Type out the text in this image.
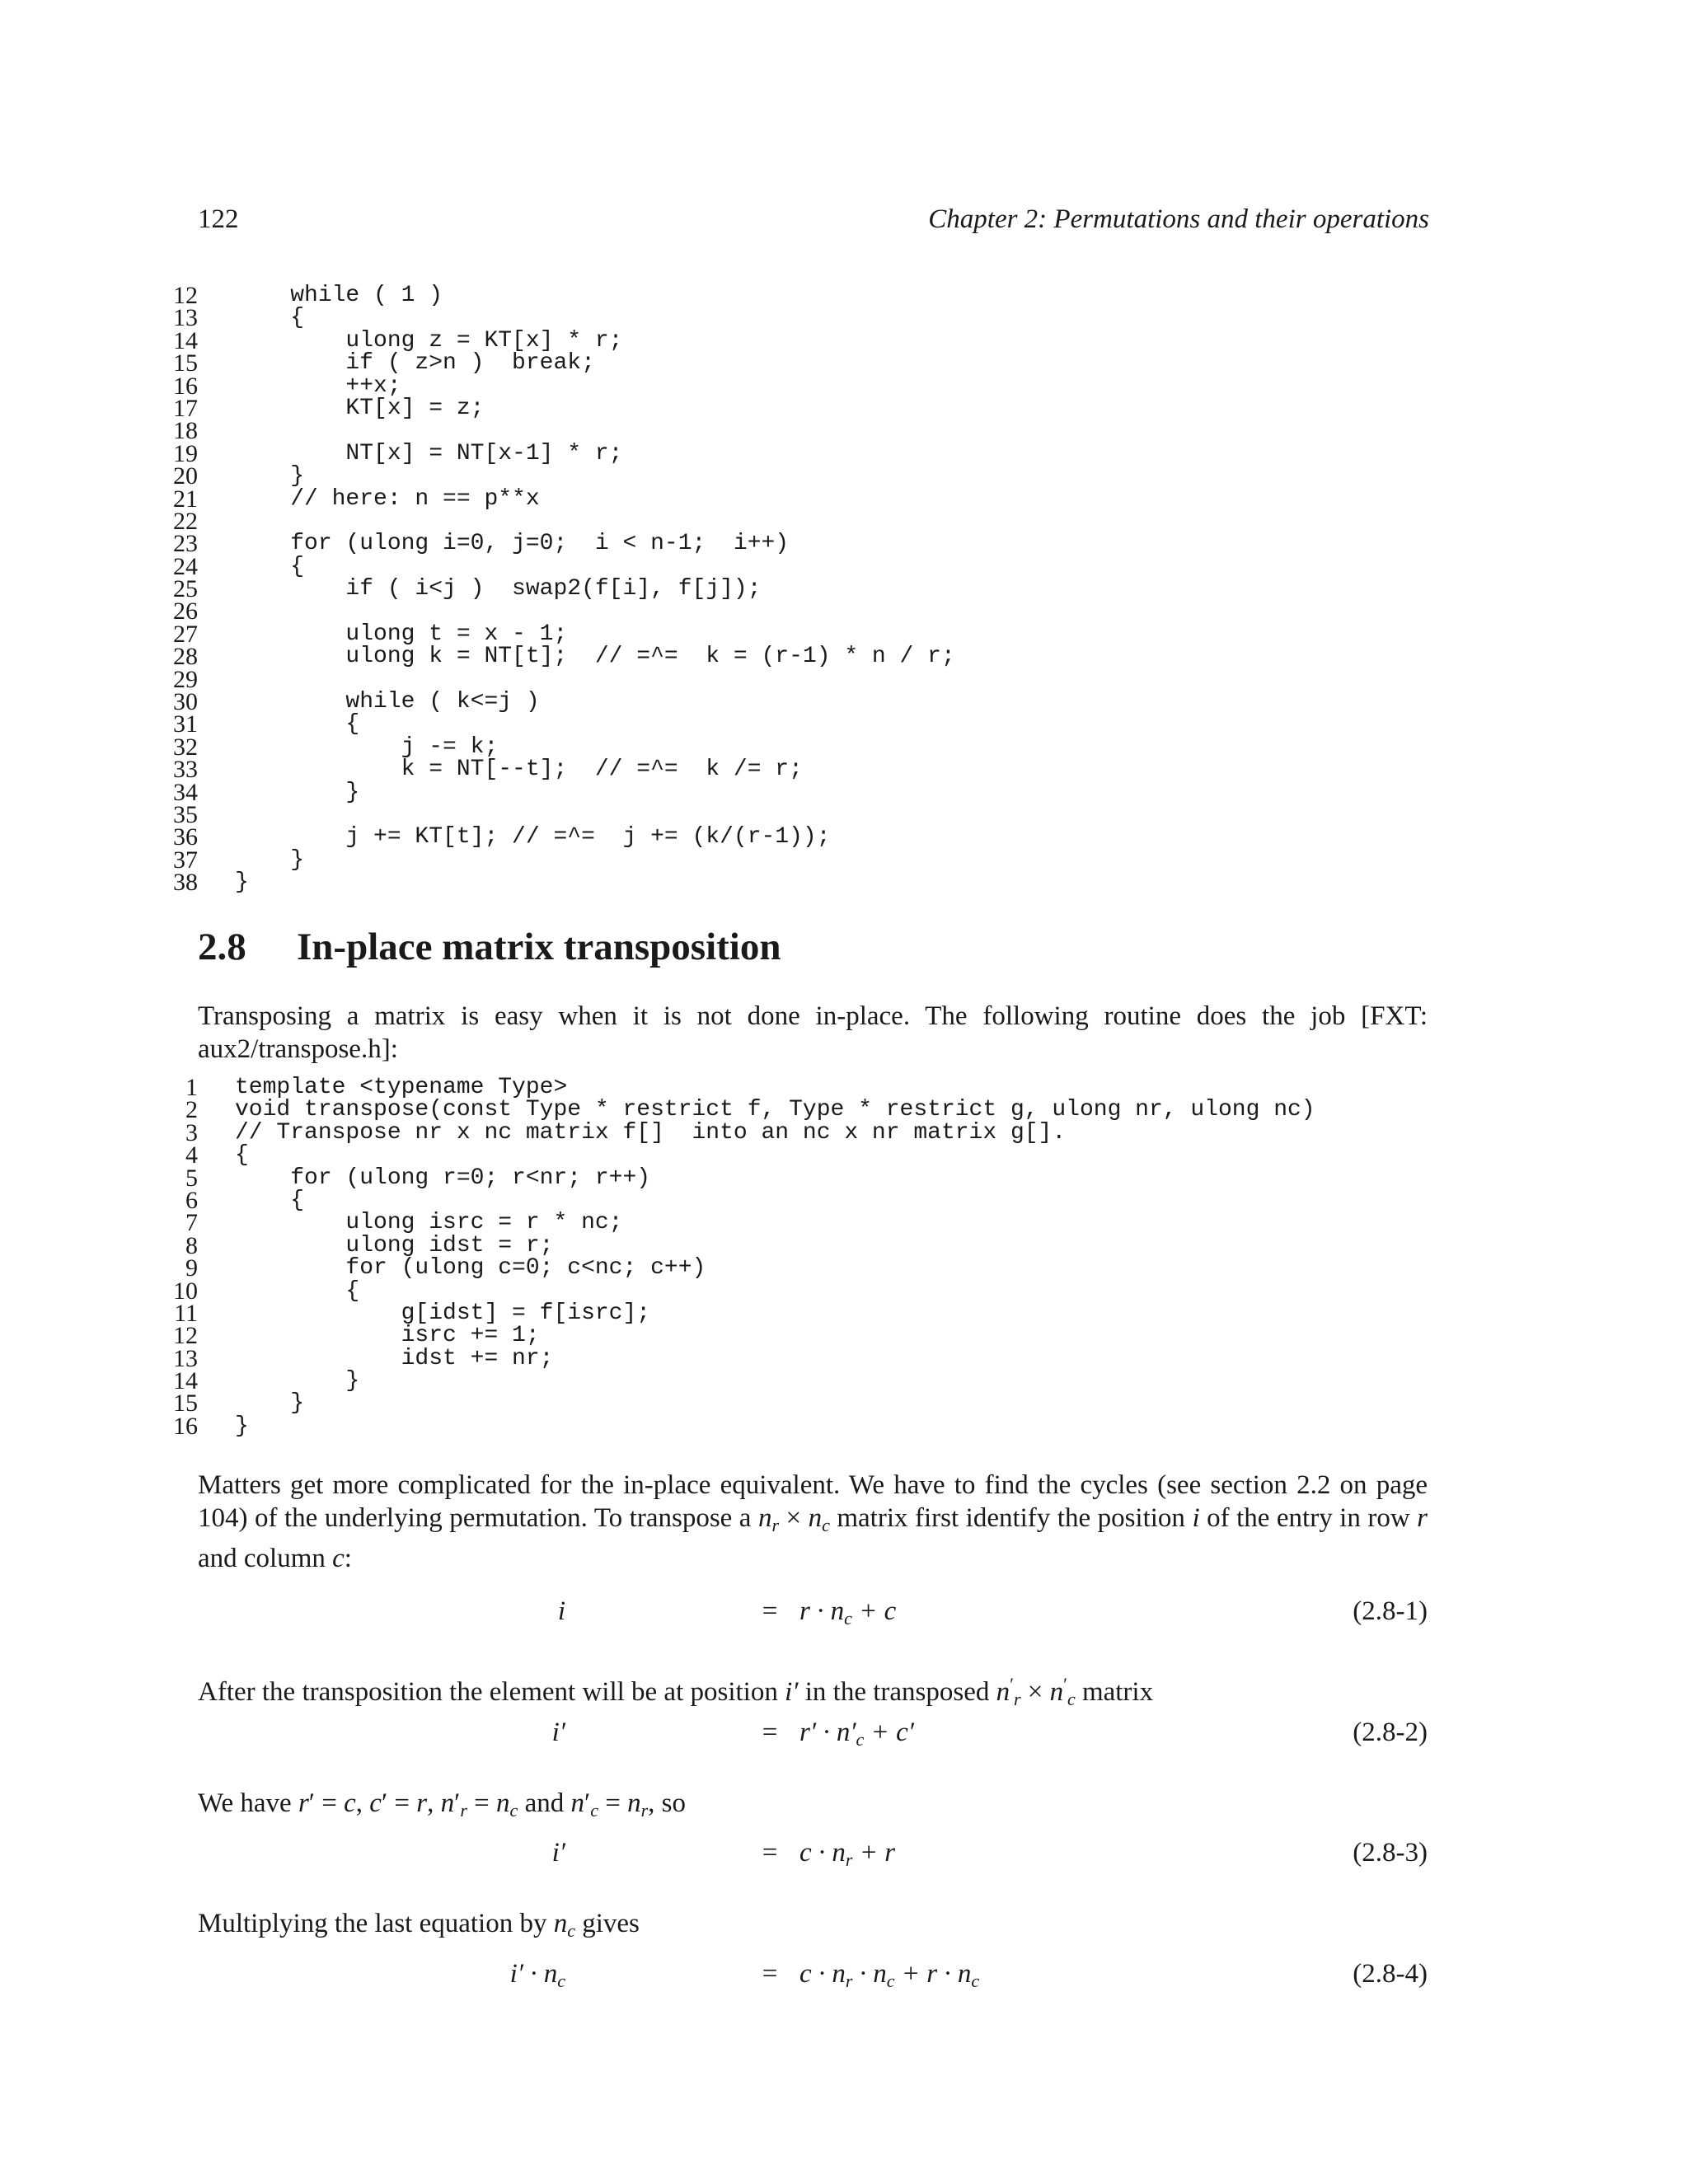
122	Chapter 2: Permutations and their operations
12 while ( 1 )
13 {
14 ulong z = KT[x] * r;
15 if ( z>n )  break;
16 ++x;
17 KT[x] = z;
18
19 NT[x] = NT[x-1] * r;
20 }
21 // here: n == p**x
22
23 for (ulong i=0, j=0;  i < n-1;  i++)
24 {
25 if ( i<j )  swap2(f[i], f[j]);
26
27 ulong t = x - 1;
28 ulong k = NT[t];  // =^=  k = (r-1) * n / r;
29
30 while ( k<=j )
31 {
32 j -= k;
33 k = NT[--t];  // =^=  k /= r;
34 }
35
36 j += KT[t]; // =^=  j += (k/(r-1));
37 }
38 }
2.8 In-place matrix transposition
Transposing a matrix is easy when it is not done in-place. The following routine does the job [FXT: aux2/transpose.h]:
1 template <typename Type>
2 void transpose(const Type * restrict f, Type * restrict g, ulong nr, ulong nc)
3 // Transpose nr x nc matrix f[]  into an nc x nr matrix g[].
4 {
5 for (ulong r=0; r<nr; r++)
6 {
7 ulong isrc = r * nc;
8 ulong idst = r;
9 for (ulong c=0; c<nc; c++)
10 {
11 g[idst] = f[isrc];
12 isrc += 1;
13 idst += nr;
14 }
15 }
16 }
Matters get more complicated for the in-place equivalent. We have to find the cycles (see section 2.2 on page 104) of the underlying permutation. To transpose a $n_r \times n_c$ matrix first identify the position i of the entry in row r and column c:
i	= $r \cdot n_c + c$	(2.8-1)
After the transposition the element will be at position i′ in the transposed $n'_r \times n'_c$ matrix
i′	= $r' \cdot n'_c + c'$	(2.8-2)
We have r′ = c, c′ = r, $n'_r = n_c$ and $n'_c = n_r$, so
i′	= $c \cdot n_r + r$	(2.8-3)
Multiplying the last equation by $n_c$ gives
$i' \cdot n_c$	= $c \cdot n_r \cdot n_c + r \cdot n_c$	(2.8-4)
